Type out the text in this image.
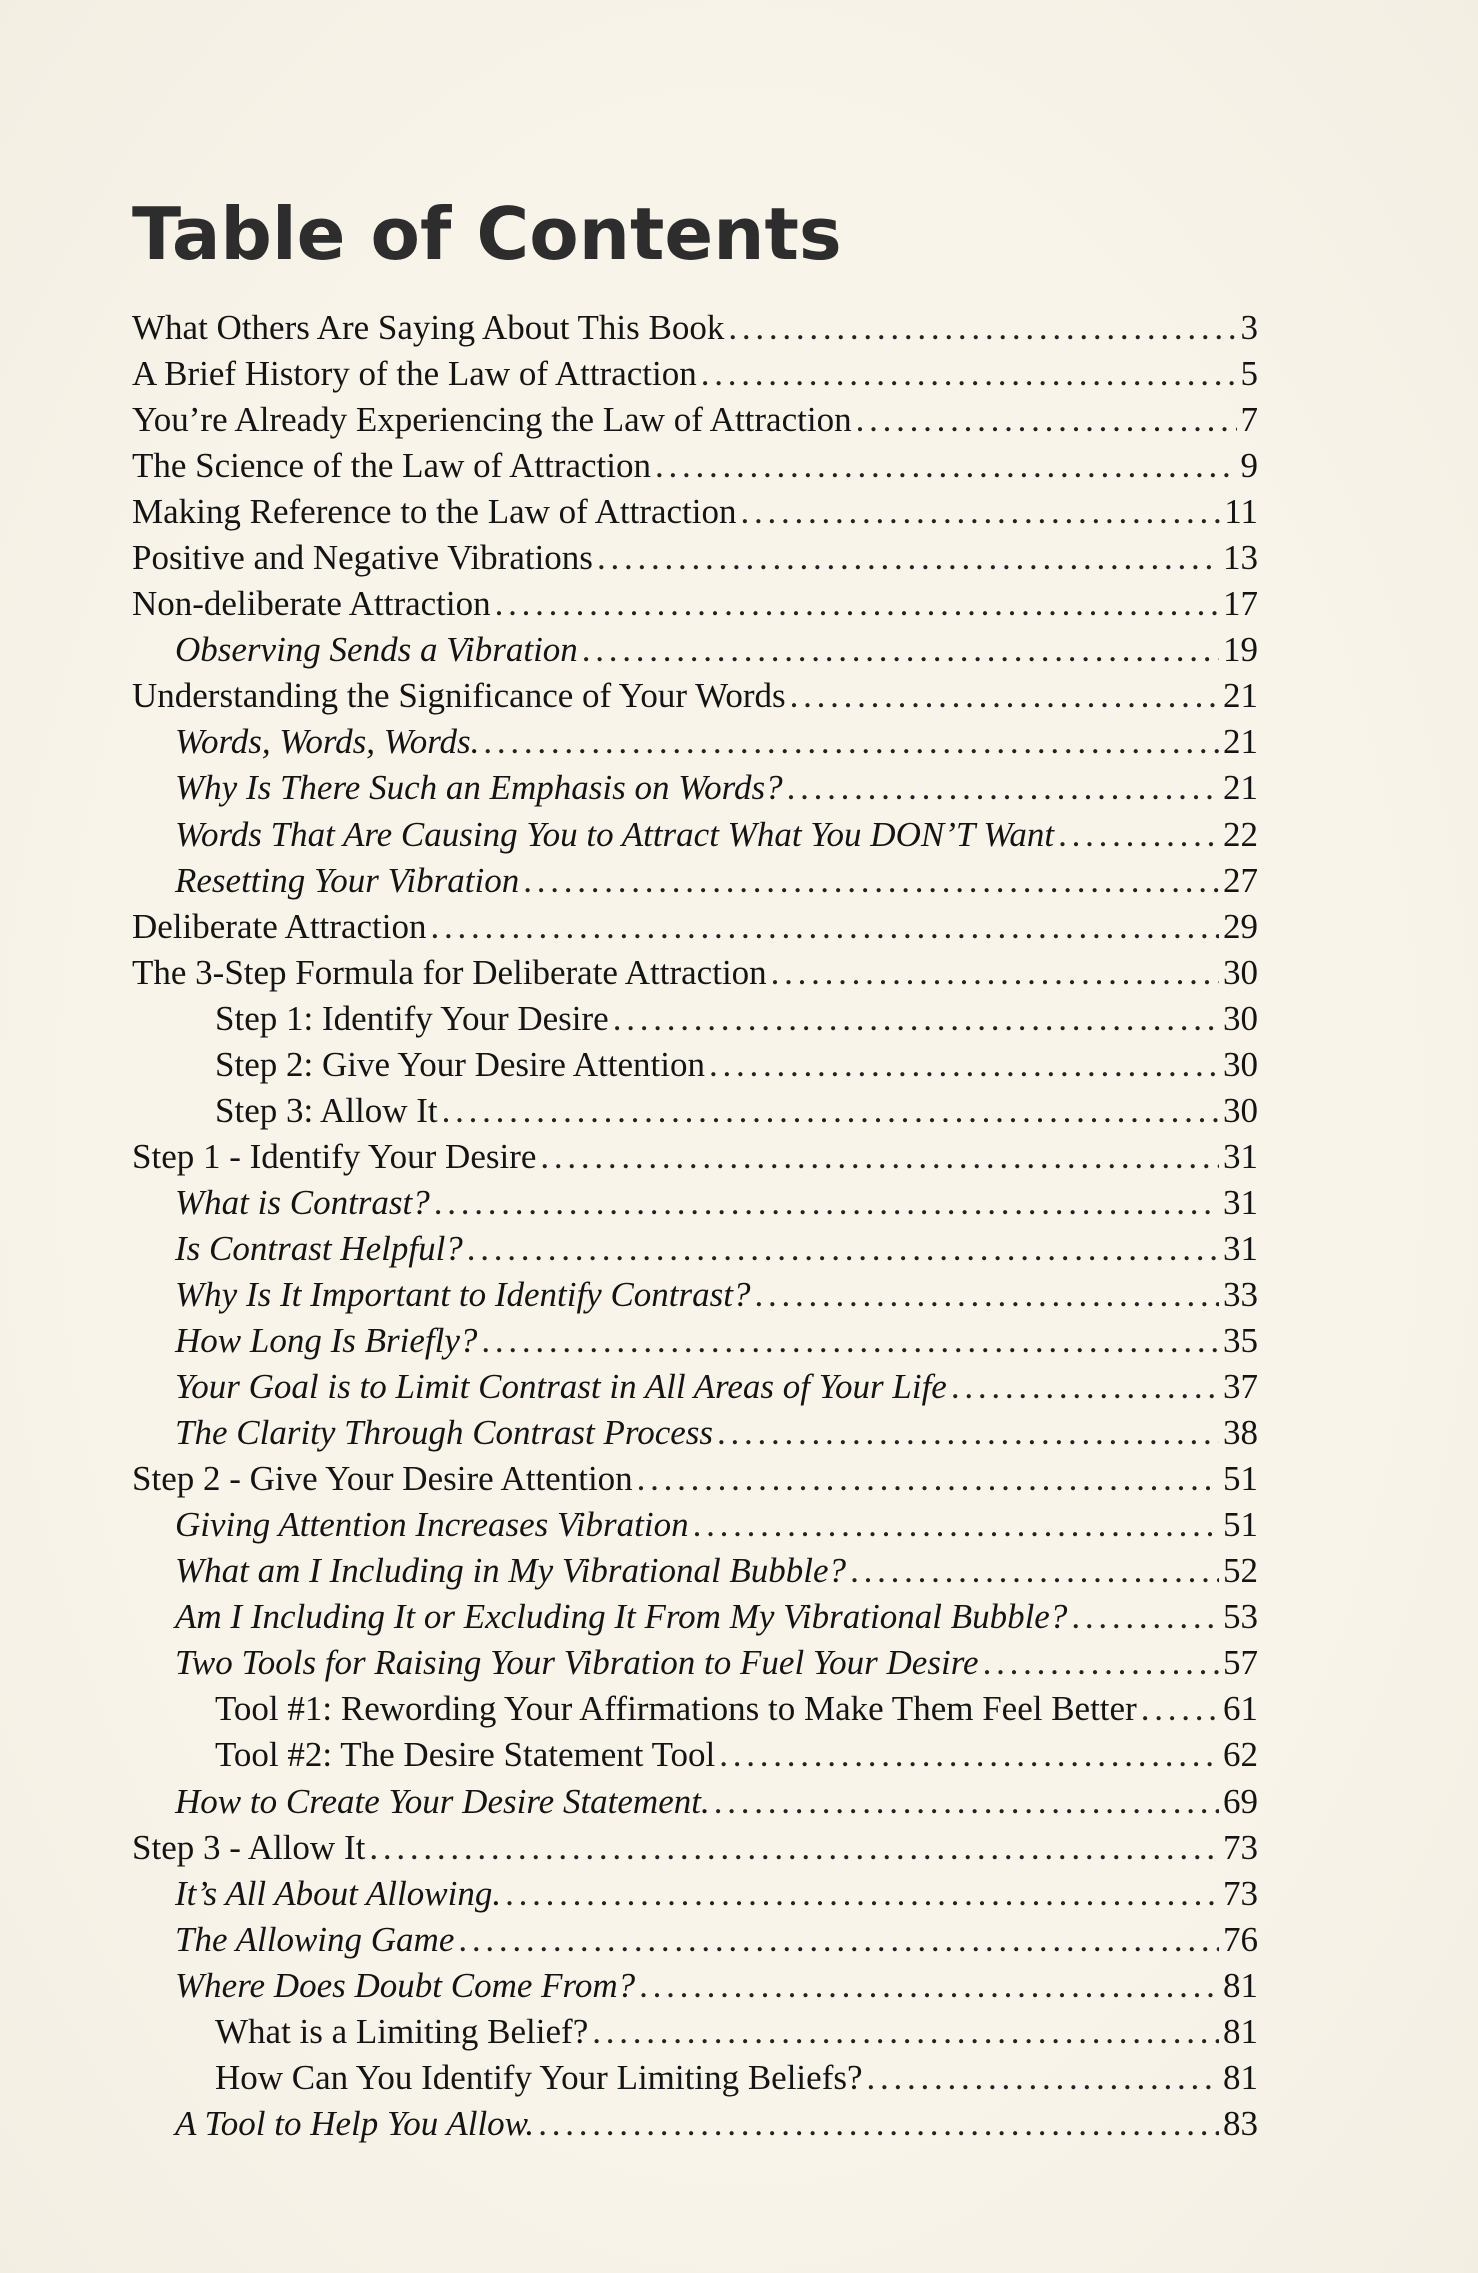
Table of Contents
What Others Are Saying About This Book . . .	3
A Brief History of the Law of Attraction . . .	5
You’re Already Experiencing the Law of Attraction . . .	7
The Science of the Law of Attraction . . .	9
Making Reference to the Law of Attraction . . .	11
Positive and Negative Vibrations . . .	13
Non-deliberate Attraction . . .	17
Observing Sends a Vibration . . .	19
Understanding the Significance of Your Words . . .	21
Words, Words, Words. . . .	21
Why Is There Such an Emphasis on Words? . . .	21
Words That Are Causing You to Attract What You DON’T Want . . .	22
Resetting Your Vibration . . .	27
Deliberate Attraction . . .	29
The 3-Step Formula for Deliberate Attraction . . .	30
Step 1: Identify Your Desire . . .	30
Step 2: Give Your Desire Attention . . .	30
Step 3: Allow It . . .	30
Step 1 - Identify Your Desire . . .	31
What is Contrast? . . .	31
Is Contrast Helpful? . . .	31
Why Is It Important to Identify Contrast? . . .	33
How Long Is Briefly? . . .	35
Your Goal is to Limit Contrast in All Areas of Your Life . . .	37
The Clarity Through Contrast Process . . .	38
Step 2 - Give Your Desire Attention . . .	51
Giving Attention Increases Vibration . . .	51
What am I Including in My Vibrational Bubble? . . .	52
Am I Including It or Excluding It From My Vibrational Bubble? . . .	53
Two Tools for Raising Your Vibration to Fuel Your Desire . . .	57
Tool #1: Rewording Your Affirmations to Make Them Feel Better . . . 61
Tool #2: The Desire Statement Tool . . .	62
How to Create Your Desire Statement. . . .	69
Step 3 - Allow It . . .	73
It’s All About Allowing. . . .	73
The Allowing Game . . .	76
Where Does Doubt Come From? . . .	81
What is a Limiting Belief? . . .	81
How Can You Identify Your Limiting Beliefs? . . .	81
A Tool to Help You Allow. . . .	83
